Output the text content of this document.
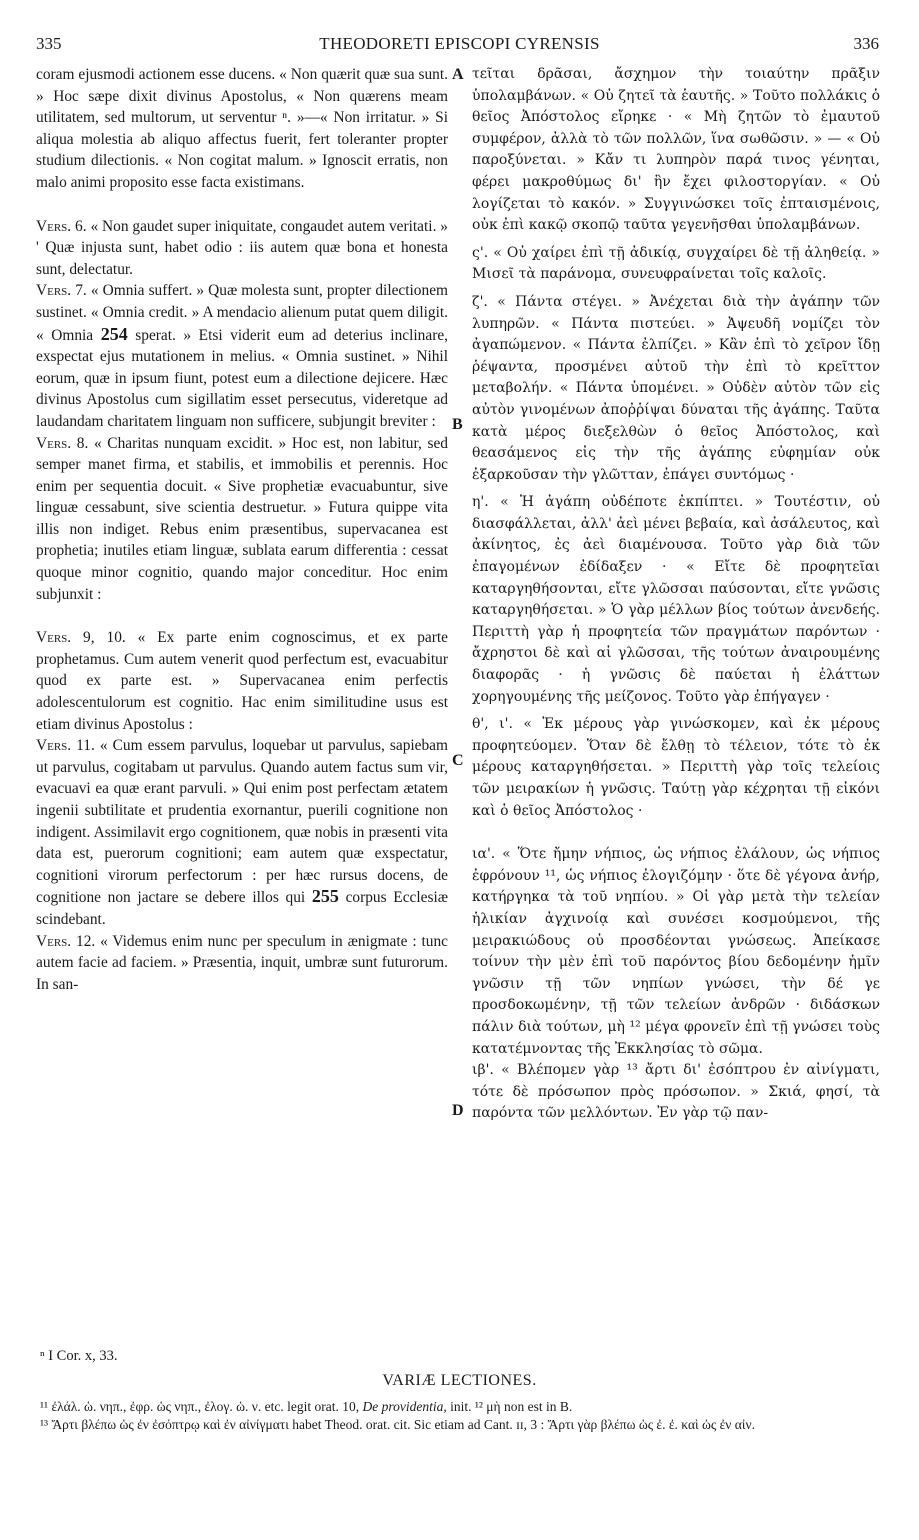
THEODORETI EPISCOPI CYRENSIS
335	336
A
B
C
D

coram ejusmodi actionem esse ducens. « Non quærit quæ sua sunt. » Hoc sæpe dixit divinus Apostolus, « Non quærens meam utilitatem, sed multorum, ut serventur ⁿ. »—« Non irritatur. » Si aliqua molestia ab aliquo affectus fuerit, fert toleranter propter studium dilectionis. « Non cogitat malum. » Ignoscit erratis, non malo animi proposito esse facta existimans.

Vers. 6. « Non gaudet super iniquitate, congaudet autem veritati. » ' Quæ injusta sunt, habet odio : iis autem quæ bona et honesta sunt, delectatur.

Vers. 7. « Omnia suffert. » Quæ molesta sunt, propter dilectionem sustinet. « Omnia credit. » A mendacio alienum putat quem diligit. « Omnia 254 sperat. » Etsi viderit eum ad deterius inclinare, exspectat ejus mutationem in melius. « Omnia sustinet. » Nihil eorum, quæ in ipsum fiunt, potest eum a dilectione dejicere. Hæc divinus Apostolus cum sigillatim esset persecutus, videretque ad laudandam charitatem linguam non sufficere, subjungit breviter :

Vers. 8. « Charitas nunquam excidit. » Hoc est, non labitur, sed semper manet firma, et stabilis, et immobilis et perennis. Hoc enim per sequentia docuit. « Sive prophetiæ evacuabuntur, sive linguæ cessabunt, sive scientia destruetur. » Futura quippe vita illis non indiget. Rebus enim præsentibus, supervacanea est prophetia; inutiles etiam linguæ, sublata earum differentia : cessat quoque minor cognitio, quando major conceditur. Hoc enim subjunxit :

Vers. 9, 10. « Ex parte enim cognoscimus, et ex parte prophetamus. Cum autem venerit quod perfectum est, evacuabitur quod ex parte est. » Supervacanea enim perfectis adolescentulorum est cognitio. Hac enim similitudine usus est etiam divinus Apostolus :

Vers. 11. « Cum essem parvulus, loquebar ut parvulus, sapiebam ut parvulus, cogitabam ut parvulus. Quando autem factus sum vir, evacuavi ea quæ erant parvuli. » Qui enim post perfectam ætatem ingenii subtilitate et prudentia exornantur, puerili cognitione non indigent. Assimilavit ergo cognitionem, quæ nobis in præsenti vita data est, puerorum cognitioni; eam autem quæ exspectatur, cognitioni virorum perfectorum : per hæc rursus docens, de cognitione non jactare se debere illos qui 255 corpus Ecclesiæ scindebant.

Vers. 12. « Videmus enim nunc per speculum in ænigmate : tunc autem facie ad faciem. » Præsentia, inquit, umbræ sunt futurorum. In san-

τεῖται δρᾶσαι, ἄσχημον τὴν τοιαύτην πρᾶξιν ὑπολαμβάνων. « Οὐ ζητεῖ τὰ ἑαυτῆς. » Τοῦτο πολλάκις ὁ θεῖος Ἀπόστολος εἴρηκε · « Μὴ ζητῶν τὸ ἐμαυτοῦ συμφέρον, ἀλλὰ τὸ τῶν πολλῶν, ἵνα σωθῶσιν. » — « Οὐ παροξύνεται. » Κἄν τι λυπηρὸν παρά τινος γένηται, φέρει μακροθύμως δι' ἣν ἔχει φιλοστοργίαν. « Οὐ λογίζεται τὸ κακόν. » Συγγινώσκει τοῖς ἐπταισμένοις, οὐκ ἐπὶ κακῷ σκοπῷ ταῦτα γεγενῆσθαι ὑπολαμβάνων.

ς'. « Οὐ χαίρει ἐπὶ τῇ ἀδικίᾳ, συγχαίρει δὲ τῇ ἀληθείᾳ. » Μισεῖ τὰ παράνομα, συνευφραίνεται τοῖς καλοῖς.

ζ'. « Πάντα στέγει. » Ἀνέχεται διὰ τὴν ἀγάπην τῶν λυπηρῶν. « Πάντα πιστεύει. » Ἀψευδῆ νομίζει τὸν ἀγαπώμενον. « Πάντα ἐλπίζει. » Κἂν ἐπὶ τὸ χεῖρον ἴδῃ ῥέψαντα, προσμένει αὐτοῦ τὴν ἐπὶ τὸ κρεῖττον μεταβολήν. « Πάντα ὑπομένει. » Οὐδὲν αὐτὸν τῶν εἰς αὐτὸν γινομένων ἀποῤῥίψαι δύναται τῆς ἀγάπης. Ταῦτα κατὰ μέρος διεξελθὼν ὁ θεῖος Ἀπόστολος, καὶ θεασάμενος εἰς τὴν τῆς ἀγάπης εὐφημίαν οὐκ ἐξαρκοῦσαν τὴν γλῶτταν, ἐπάγει συντόμως ·

η'. « Ἡ ἀγάπη οὐδέποτε ἐκπίπτει. » Τουτέστιν, οὐ διασφάλλεται, ἀλλ' ἀεὶ μένει βεβαία, καὶ ἀσάλευτος, καὶ ἀκίνητος, ἐς ἀεὶ διαμένουσα. Τοῦτο γὰρ διὰ τῶν ἐπαγομένων ἐδίδαξεν · « Εἴτε δὲ προφητεῖαι καταργηθήσονται, εἴτε γλῶσσαι παύσονται, εἴτε γνῶσις καταργηθήσεται. » Ὁ γὰρ μέλλων βίος τούτων ἀνενδεής. Περιττὴ γὰρ ἡ προφητεία τῶν πραγμάτων παρόντων · ἄχρηστοι δὲ καὶ αἱ γλῶσσαι, τῆς τούτων ἀναιρουμένης διαφορᾶς · ἡ γνῶσις δὲ παύεται ἡ ἐλάττων χορηγουμένης τῆς μείζονος. Τοῦτο γὰρ ἐπήγαγεν ·

θ', ι'. « Ἐκ μέρους γὰρ γινώσκομεν, καὶ ἐκ μέρους προφητεύομεν. Ὅταν δὲ ἔλθῃ τὸ τέλειον, τότε τὸ ἐκ μέρους καταργηθήσεται. » Περιττὴ γὰρ τοῖς τελείοις τῶν μειρακίων ἡ γνῶσις. Ταύτῃ γὰρ κέχρηται τῇ εἰκόνι καὶ ὁ θεῖος Ἀπόστολος ·

ια'. « Ὅτε ἤμην νήπιος, ὡς νήπιος ἐλάλουν, ὡς νήπιος ἐφρόνουν ¹¹, ὡς νήπιος ἐλογιζόμην · ὅτε δὲ γέγονα ἀνήρ, κατήργηκα τὰ τοῦ νηπίου. » Οἱ γὰρ μετὰ τὴν τελείαν ἡλικίαν ἀγχινοίᾳ καὶ συνέσει κοσμούμενοι, τῆς μειρακιώδους οὐ προσδέονται γνώσεως. Ἀπείκασε τοίνυν τὴν μὲν ἐπὶ τοῦ παρόντος βίου δεδομένην ἡμῖν γνῶσιν τῇ τῶν νηπίων γνώσει, τὴν δέ γε προσδοκωμένην, τῇ τῶν τελείων ἀνδρῶν · διδάσκων πάλιν διὰ τούτων, μὴ ¹² μέγα φρονεῖν ἐπὶ τῇ γνώσει τοὺς κατατέμνοντας τῆς Ἐκκλησίας τὸ σῶμα.

ιβ'. « Βλέπομεν γὰρ ¹³ ἄρτι δι' ἐσόπτρου ἐν αἰνίγματι, τότε δὲ πρόσωπον πρὸς πρόσωπον. » Σκιά, φησί, τὰ παρόντα τῶν μελλόντων. Ἐν γὰρ τῷ παν-

ⁿ I Cor. x, 33.
VARIÆ LECTIONES.

¹¹ ἐλάλ. ὡ. νηπ., ἐφρ. ὡς νηπ., ἐλογ. ὡ. ν. etc. legit orat. 10, De providentia, init. ¹² μὴ non est in B.

¹³ Ἄρτι βλέπω ὡς ἐν ἐσόπτρῳ καὶ ἐν αἰνίγματι habet Theod. orat. cit. Sic etiam ad Cant. ɪɪ, 3 : Ἄρτι γὰρ βλέπω ὡς ἐ. ἐ. καὶ ὡς ἐν αἰν.
